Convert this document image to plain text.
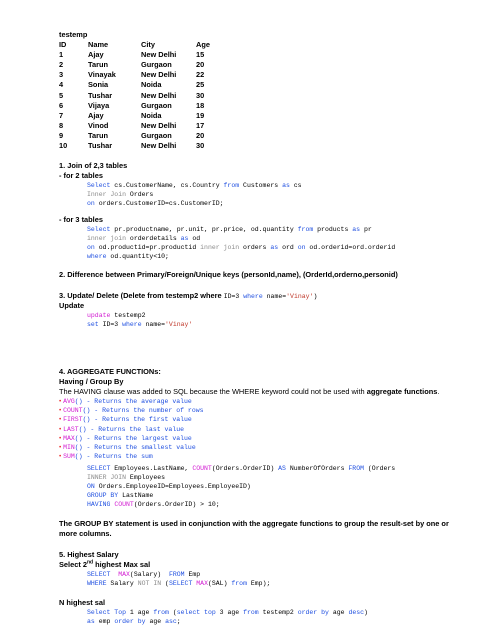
testemp
ID	Name	City	Age
1	Ajay	New Delhi	15
2	Tarun	Gurgaon	20
3	Vinayak	New Delhi	22
4	Sonia	Noida	25
5	Tushar	New Delhi	30
6	Vijaya	Gurgaon	18
7	Ajay	Noida	19
8	Vinod	New Delhi	17
9	Tarun	Gurgaon	20
10	Tushar	New Delhi	30
1. Join of 2,3 tables
- for 2 tables
Select cs.CustomerName, cs.Country from Customers as cs
Inner Join Orders
on orders.CustomerID=cs.CustomerID;
- for 3 tables
Select pr.productname, pr.unit, pr.price, od.quantity from products as pr
inner join orderdetails as od
on od.productid=pr.productid inner join orders as ord on od.orderid=ord.orderid
where od.quantity<10;
2. Difference between Primary/Foreign/Unique keys (personId,name), (OrderId,orderno,personid)
3. Update/ Delete (Delete from testemp2 where ID=3 where name='Vinay')
Update
update testemp2
set ID=3 where name='Vinay'
4. AGGREGATE FUNCTIONs:
Having / Group By
The HAVING clause was added to SQL because the WHERE keyword could not be used with aggregate functions.
• AVG() - Returns the average value
• COUNT() - Returns the number of rows
• FIRST() - Returns the first value
• LAST() - Returns the last value
• MAX() - Returns the largest value
• MIN() - Returns the smallest value
• SUM() - Returns the sum
SELECT Employees.LastName, COUNT(Orders.OrderID) AS NumberOfOrders FROM (Orders
INNER JOIN Employees
ON Orders.EmployeeID=Employees.EmployeeID)
GROUP BY LastName
HAVING COUNT(Orders.OrderID) > 10;
The GROUP BY statement is used in conjunction with the aggregate functions to group the result-set by one or
more columns.
5. Highest Salary
Select 2nd highest Max sal
SELECT MAX(Salary)  FROM Emp
WHERE Salary NOT IN (SELECT MAX(SAL) from Emp);
N highest sal
Select Top 1 age from (select top 3 age from testemp2 order by age desc)
as emp order by age asc;
